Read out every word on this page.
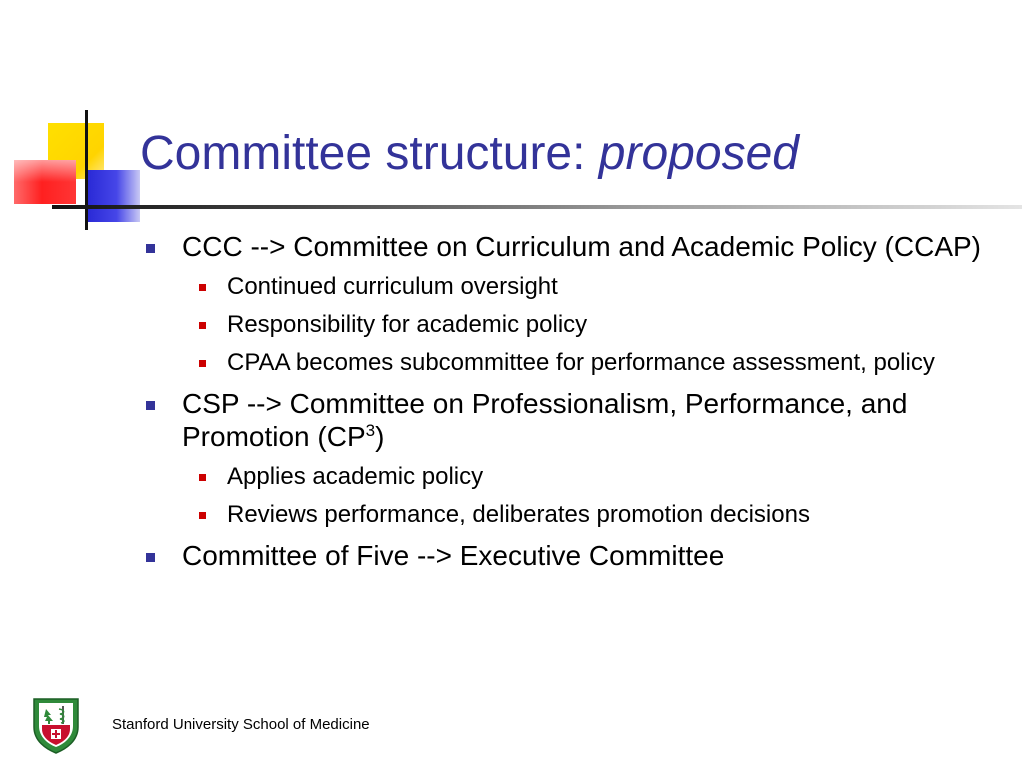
Committee structure: proposed
CCC --> Committee on Curriculum and Academic Policy (CCAP)
Continued curriculum oversight
Responsibility for academic policy
CPAA becomes subcommittee for performance assessment, policy
CSP --> Committee on Professionalism, Performance, and Promotion $(CP^3)$
Applies academic policy
Reviews performance, deliberates promotion decisions
Committee of Five --> Executive Committee
Stanford University School of Medicine
